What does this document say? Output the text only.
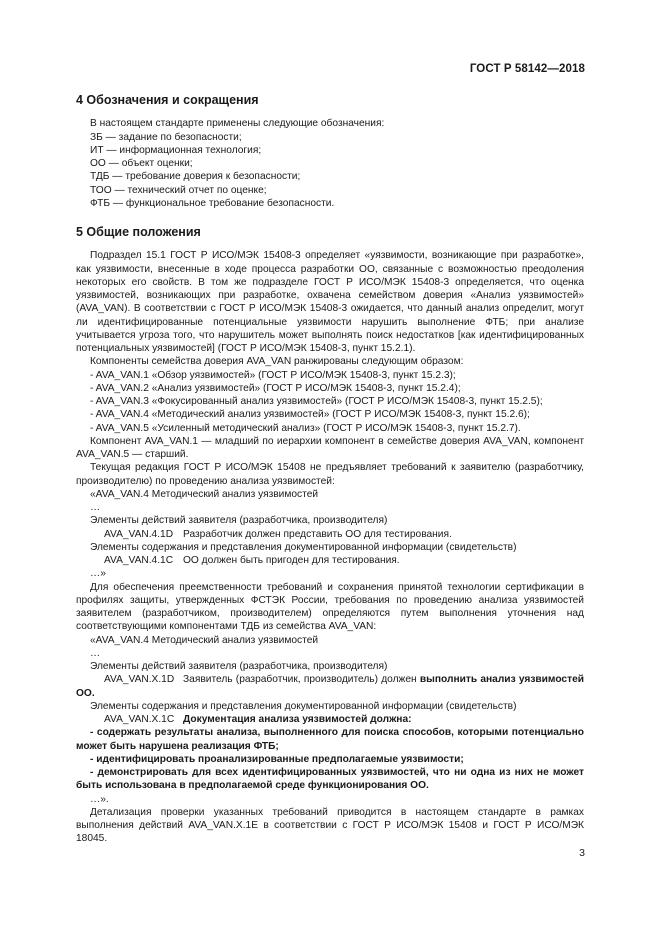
ГОСТ Р 58142—2018
4 Обозначения и сокращения

В настоящем стандарте применены следующие обозначения:

ЗБ — задание по безопасности;

ИТ — информационная технология;

ОО — объект оценки;

ТДБ — требование доверия к безопасности;

ТОО — технический отчет по оценке;

ФТБ — функциональное требование безопасности.

5 Общие положения

Подраздел 15.1 ГОСТ Р ИСО/МЭК 15408-3 определяет «уязвимости, возникающие при разработке», как уязвимости, внесенные в ходе процесса разработки ОО, связанные с возможностью преодоления некоторых его свойств. В том же подразделе ГОСТ Р ИСО/МЭК 15408-3 определяется, что оценка уязвимостей, возникающих при разработке, охвачена семейством доверия «Анализ уязвимостей» (AVA_VAN). В соответствии с ГОСТ Р ИСО/МЭК 15408-3 ожидается, что данный анализ определит, могут ли идентифицированные потенциальные уязвимости нарушить выполнение ФТБ; при анализе учитывается угроза того, что нарушитель может выполнять поиск недостатков [как идентифицированных потенциальных уязвимостей] (ГОСТ Р ИСО/МЭК 15408-3, пункт 15.2.1).

Компоненты семейства доверия AVA_VAN ранжированы следующим образом:

- AVA_VAN.1 «Обзор уязвимостей» (ГОСТ Р ИСО/МЭК 15408-3, пункт 15.2.3);

- AVA_VAN.2 «Анализ уязвимостей» (ГОСТ Р ИСО/МЭК 15408-3, пункт 15.2.4);

- AVA_VAN.3 «Фокусированный анализ уязвимостей» (ГОСТ Р ИСО/МЭК 15408-3, пункт 15.2.5);

- AVA_VAN.4 «Методический анализ уязвимостей» (ГОСТ Р ИСО/МЭК 15408-3, пункт 15.2.6);

- AVA_VAN.5 «Усиленный методический анализ» (ГОСТ Р ИСО/МЭК 15408-3, пункт 15.2.7).

Компонент AVA_VAN.1 — младший по иерархии компонент в семействе доверия AVA_VAN, компонент AVA_VAN.5 — старший.

Текущая редакция ГОСТ Р ИСО/МЭК 15408 не предъявляет требований к заявителю (разработчику, производителю) по проведению анализа уязвимостей:

«AVA_VAN.4 Методический анализ уязвимостей

…

Элементы действий заявителя (разработчика, производителя)

AVA_VAN.4.1D Разработчик должен представить ОО для тестирования.

Элементы содержания и представления документированной информации (свидетельств)

AVA_VAN.4.1C ОО должен быть пригоден для тестирования.

…»

Для обеспечения преемственности требований и сохранения принятой технологии сертификации в профилях защиты, утвержденных ФСТЭК России, требования по проведению анализа уязвимостей заявителем (разработчиком, производителем) определяются путем выполнения уточнения над соответствующими компонентами ТДБ из семейства AVA_VAN:

«AVA_VAN.4 Методический анализ уязвимостей

…

Элементы действий заявителя (разработчика, производителя)

AVA_VAN.X.1D Заявитель (разработчик, производитель) должен выполнить анализ уязвимостей ОО.

Элементы содержания и представления документированной информации (свидетельств)

AVA_VAN.X.1C Документация анализа уязвимостей должна:

- содержать результаты анализа, выполненного для поиска способов, которыми потенциально может быть нарушена реализация ФТБ;

- идентифицировать проанализированные предполагаемые уязвимости;

- демонстрировать для всех идентифицированных уязвимостей, что ни одна из них не может быть использована в предполагаемой среде функционирования ОО.

…».

Детализация проверки указанных требований приводится в настоящем стандарте в рамках выполнения действий AVA_VAN.X.1E в соответствии с ГОСТ Р ИСО/МЭК 15408 и ГОСТ Р ИСО/МЭК 18045.

3
